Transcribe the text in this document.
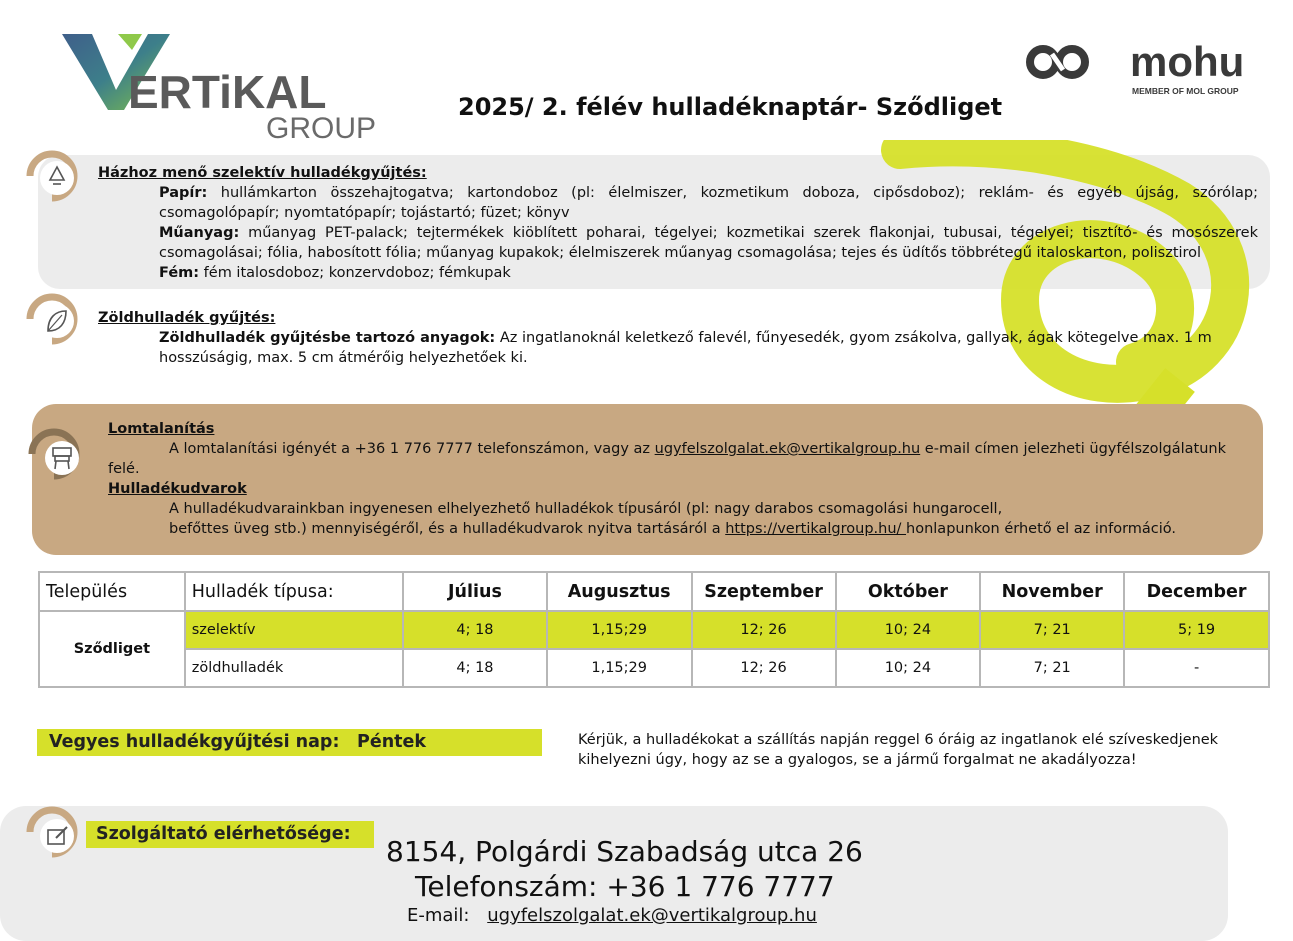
ERTiKAL
GROUP
mohu
MEMBER OF MOL GROUP
2025/ 2. félév hulladéknaptár- Sződliget
Házhoz menő szelektív hulladékgyűjtés:
Papír: hullámkarton összehajtogatva; kartondoboz (pl: élelmiszer, kozmetikum doboza, cipősdoboz); reklám- és egyéb újság, szórólap; csomagolópapír; nyomtatópapír; tojástartó; füzet; könyv
Műanyag: műanyag PET-palack; tejtermékek kiöblített poharai, tégelyei; kozmetikai szerek flakonjai, tubusai, tégelyei; tisztító- és mosószerek csomagolásai; fólia, habosított fólia; műanyag kupakok; élelmiszerek műanyag csomagolása; tejes és üdítős többrétegű italoskarton, polisztirol
Fém: fém italosdoboz; konzervdoboz; fémkupak
Zöldhulladék gyűjtés:
Zöldhulladék gyűjtésbe tartozó anyagok: Az ingatlanoknál keletkező falevél, fűnyesedék, gyom zsákolva, gallyak, ágak kötegelve max. 1 m hosszúságig, max. 5 cm átmérőig helyezhetőek ki.
Lomtalanítás
A lomtalanítási igényét a +36 1 776 7777 telefonszámon, vagy az ugyfelszolgalat.ek@vertikalgroup.hu e-mail címen jelezheti ügyfélszolgálatunk felé.
Hulladékudvarok
A hulladékudvarainkban ingyenesen elhelyezhető hulladékok típusáról (pl: nagy darabos csomagolási hungarocell,
befőttes üveg stb.) mennyiségéről, és a hulladékudvarok nyitva tartásáról a https://vertikalgroup.hu/ honlapunkon érhető el az információ.
Település	Hulladék típusa:	Július	Augusztus	Szeptember	Október	November	December
Sződliget	szelektív	4; 18	1,15;29	12; 26	10; 24	7; 21	5; 19
	zöldhulladék	4; 18	1,15;29	12; 26	10; 24	7; 21	-
Vegyes hulladékgyűjtési nap: Péntek	Kérjük, a hulladékokat a szállítás napján reggel 6 óráig az ingatlanok elé szíveskedjenek kihelyezni úgy, hogy az se a gyalogos, se a jármű forgalmat ne akadályozza!
Szolgáltató elérhetősége:
8154, Polgárdi Szabadság utca 26
Telefonszám: +36 1 776 7777
E-mail: ugyfelszolgalat.ek@vertikalgroup.hu
